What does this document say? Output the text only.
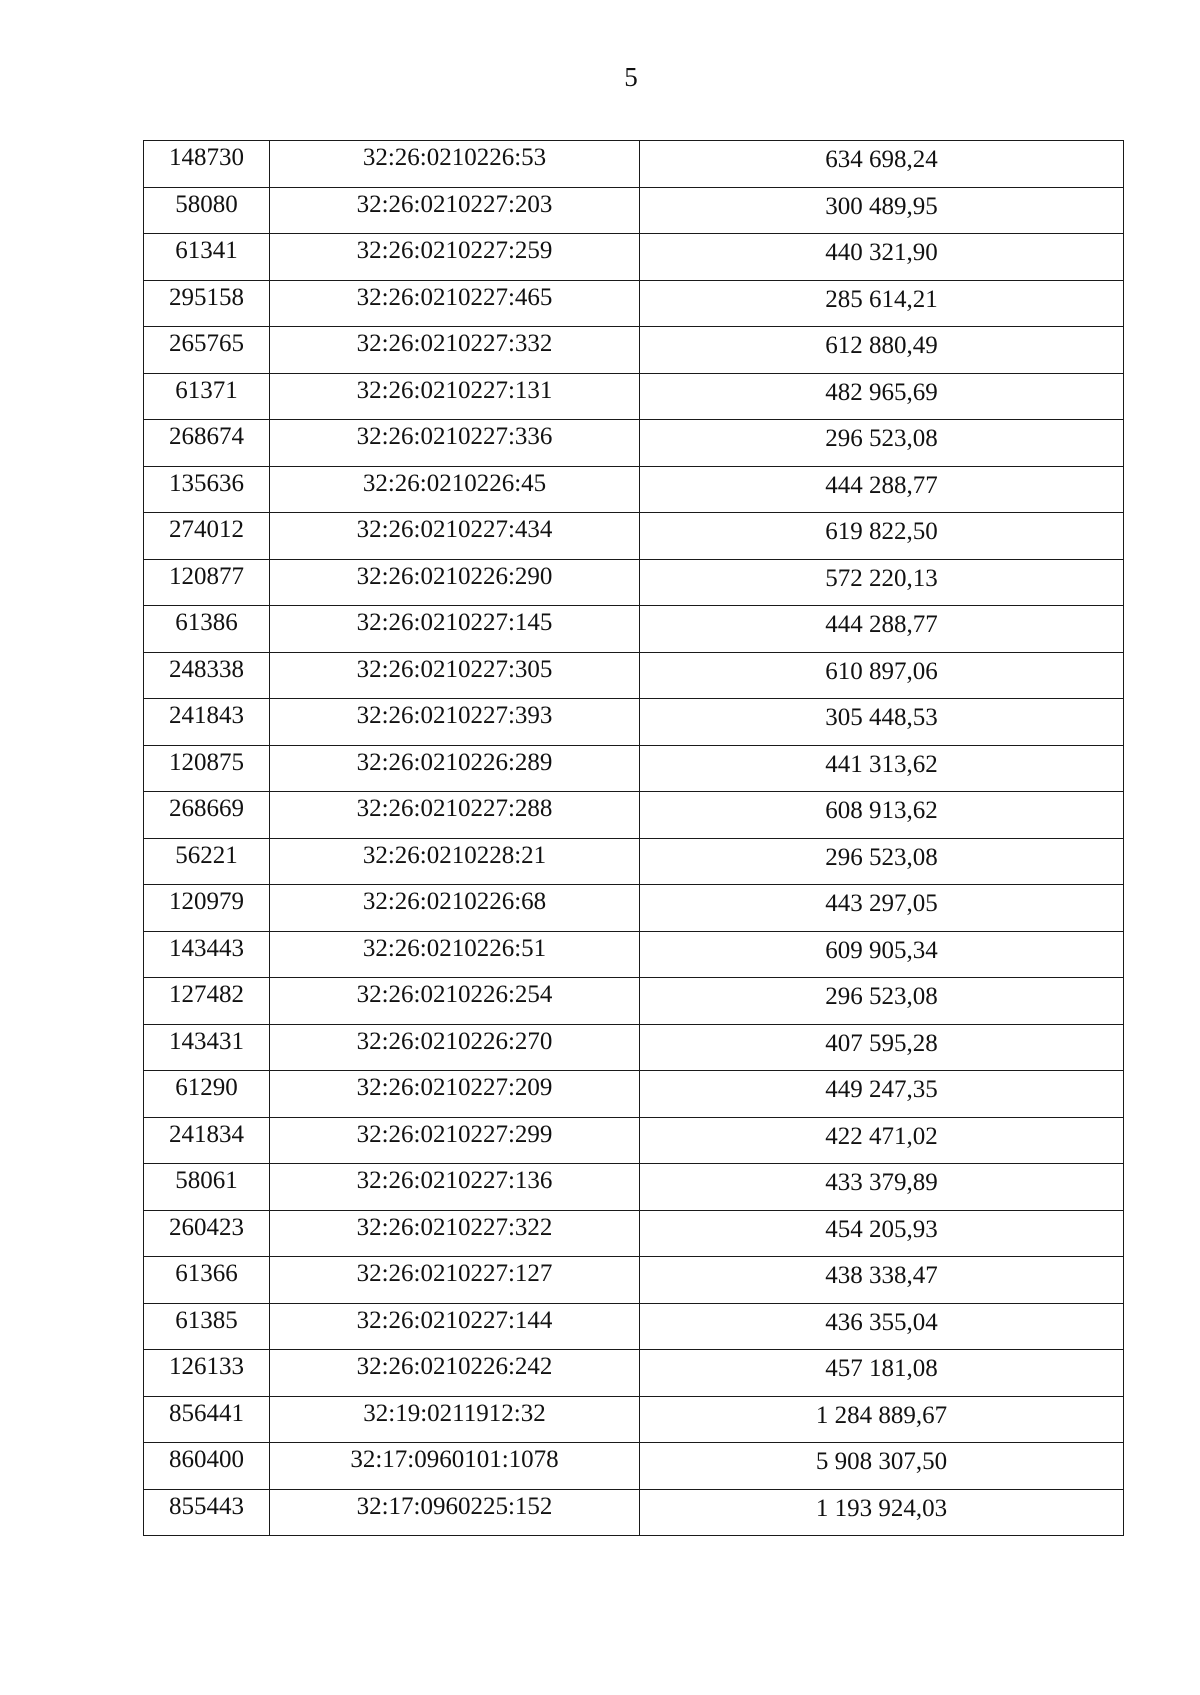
5
148730	32:26:0210226:53	634 698,24
58080	32:26:0210227:203	300 489,95
61341	32:26:0210227:259	440 321,90
295158	32:26:0210227:465	285 614,21
265765	32:26:0210227:332	612 880,49
61371	32:26:0210227:131	482 965,69
268674	32:26:0210227:336	296 523,08
135636	32:26:0210226:45	444 288,77
274012	32:26:0210227:434	619 822,50
120877	32:26:0210226:290	572 220,13
61386	32:26:0210227:145	444 288,77
248338	32:26:0210227:305	610 897,06
241843	32:26:0210227:393	305 448,53
120875	32:26:0210226:289	441 313,62
268669	32:26:0210227:288	608 913,62
56221	32:26:0210228:21	296 523,08
120979	32:26:0210226:68	443 297,05
143443	32:26:0210226:51	609 905,34
127482	32:26:0210226:254	296 523,08
143431	32:26:0210226:270	407 595,28
61290	32:26:0210227:209	449 247,35
241834	32:26:0210227:299	422 471,02
58061	32:26:0210227:136	433 379,89
260423	32:26:0210227:322	454 205,93
61366	32:26:0210227:127	438 338,47
61385	32:26:0210227:144	436 355,04
126133	32:26:0210226:242	457 181,08
856441	32:19:0211912:32	1 284 889,67
860400	32:17:0960101:1078	5 908 307,50
855443	32:17:0960225:152	1 193 924,03
